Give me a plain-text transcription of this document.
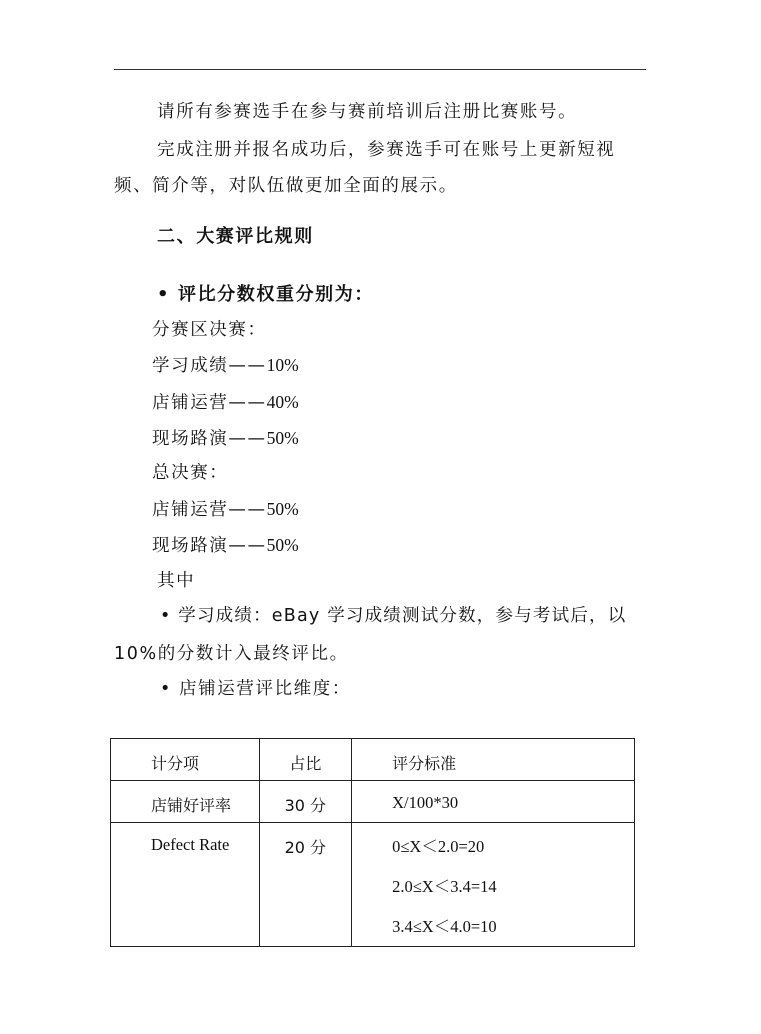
请所有参赛选手在参与赛前培训后注册比赛账号。
完成注册并报名成功后，参赛选手可在账号上更新短视
频、简介等，对队伍做更加全面的展示。
二、大赛评比规则
• 评比分数权重分别为：
分赛区决赛：
学习成绩——10%
店铺运营——40%
现场路演——50%
总决赛：
店铺运营——50%
现场路演——50%
其中
• 学习成绩：eBay 学习成绩测试分数，参与考试后，以
10%的分数计入最终评比。
• 店铺运营评比维度：
计分项	占比	评分标准

店铺好评率	30 分	X/100*30

Defect Rate	20 分	0≤X＜2.0=20
2.0≤X＜3.4=14
3.4≤X＜4.0=10
